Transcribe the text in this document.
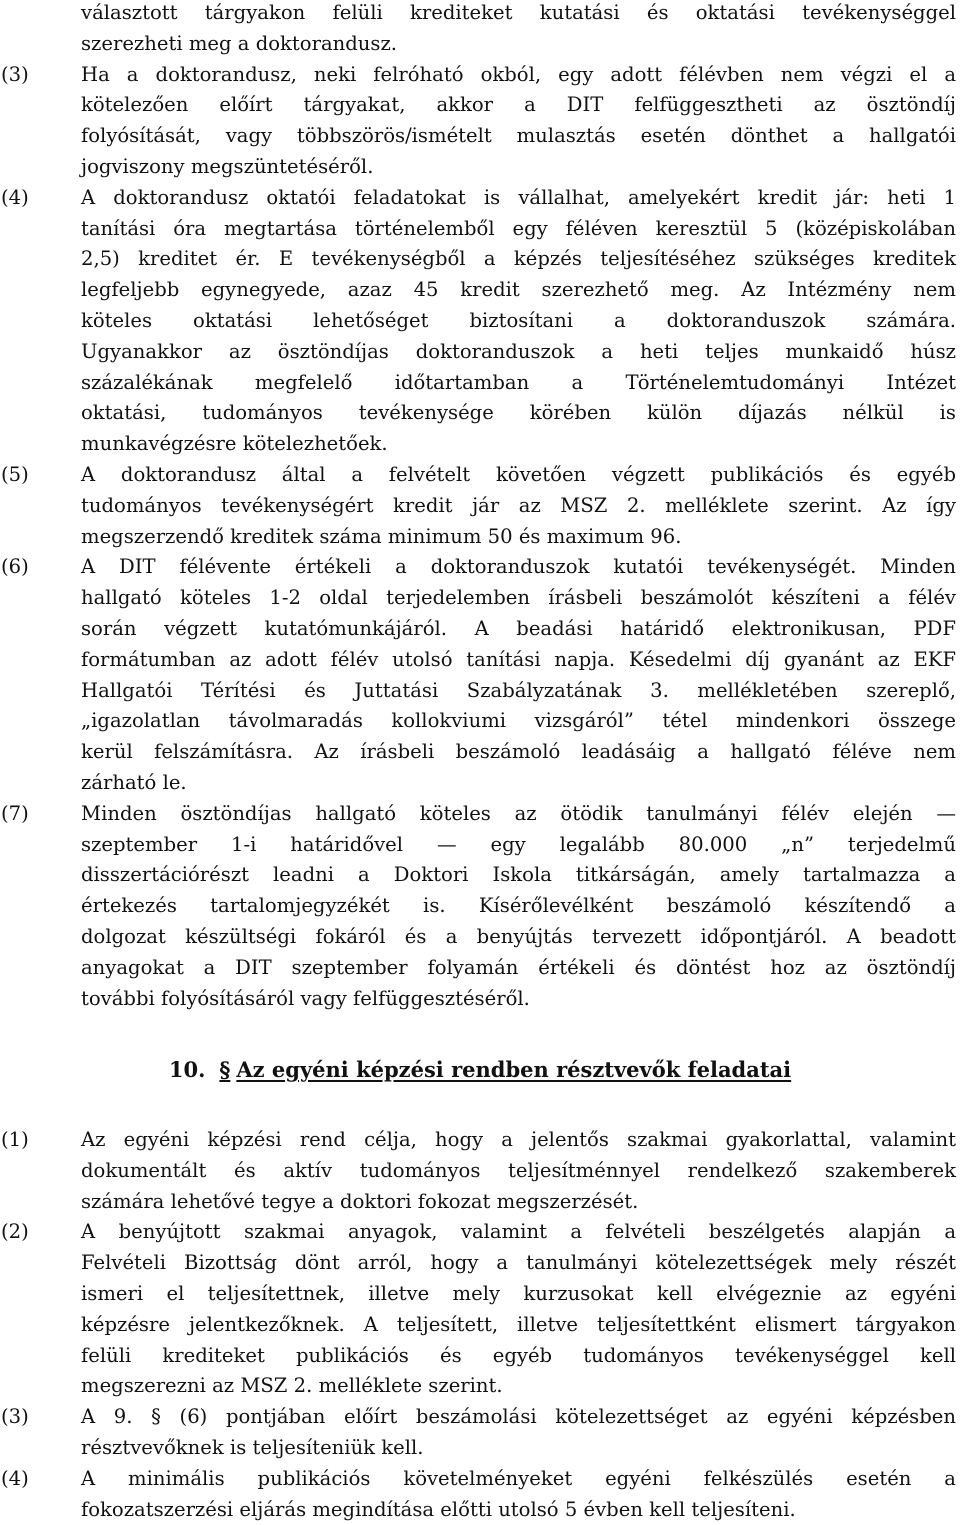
választott tárgyakon felüli krediteket kutatási és oktatási tevékenységgel
szerezheti meg a doktorandusz.
(3)	Ha a doktorandusz, neki felróható okból, egy adott félévben nem végzi el a
kötelezően előírt tárgyakat, akkor a DIT felfüggesztheti az ösztöndíj
folyósítását, vagy többszörös/ismételt mulasztás esetén dönthet a hallgatói
jogviszony megszüntetéséről.
(4)	A doktorandusz oktatói feladatokat is vállalhat, amelyekért kredit jár: heti 1
tanítási óra megtartása történelemből egy féléven keresztül 5 (középiskolában
2,5) kreditet ér. E tevékenységből a képzés teljesítéséhez szükséges kreditek
legfeljebb egynegyede, azaz 45 kredit szerezhető meg. Az Intézmény nem
köteles oktatási lehetőséget biztosítani a doktoranduszok számára.
Ugyanakkor az ösztöndíjas doktoranduszok a heti teljes munkaidő húsz
százalékának megfelelő időtartamban a Történelemtudományi Intézet
oktatási, tudományos tevékenysége körében külön díjazás nélkül is
munkavégzésre kötelezhetőek.
(5)	A doktorandusz által a felvételt követően végzett publikációs és egyéb
tudományos tevékenységért kredit jár az MSZ 2. melléklete szerint. Az így
megszerzendő kreditek száma minimum 50 és maximum 96.
(6)	A DIT félévente értékeli a doktoranduszok kutatói tevékenységét. Minden
hallgató köteles 1-2 oldal terjedelemben írásbeli beszámolót készíteni a félév
során végzett kutatómunkájáról. A beadási határidő elektronikusan, PDF
formátumban az adott félév utolsó tanítási napja. Késedelmi díj gyanánt az EKF
Hallgatói Térítési és Juttatási Szabályzatának 3. mellékletében szereplő,
„igazolatlan távolmaradás kollokviumi vizsgáról” tétel mindenkori összege
kerül felszámításra. Az írásbeli beszámoló leadásáig a hallgató féléve nem
zárható le.
(7)	Minden ösztöndíjas hallgató köteles az ötödik tanulmányi félév elején —
szeptember 1-i határidővel — egy legalább 80.000 „n” terjedelmű
disszertációrészt leadni a Doktori Iskola titkárságán, amely tartalmazza a
értekezés tartalomjegyzékét is. Kísérőlevélként beszámoló készítendő a
dolgozat készültségi fokáról és a benyújtás tervezett időpontjáról. A beadott
anyagokat a DIT szeptember folyamán értékeli és döntést hoz az ösztöndíj
további folyósításáról vagy felfüggesztéséről.
10. § Az egyéni képzési rendben résztvevők feladatai
(1)	Az egyéni képzési rend célja, hogy a jelentős szakmai gyakorlattal, valamint
dokumentált és aktív tudományos teljesítménnyel rendelkező szakemberek
számára lehetővé tegye a doktori fokozat megszerzését.
(2)	A benyújtott szakmai anyagok, valamint a felvételi beszélgetés alapján a
Felvételi Bizottság dönt arról, hogy a tanulmányi kötelezettségek mely részét
ismeri el teljesítettnek, illetve mely kurzusokat kell elvégeznie az egyéni
képzésre jelentkezőknek. A teljesített, illetve teljesítettként elismert tárgyakon
felüli krediteket publikációs és egyéb tudományos tevékenységgel kell
megszerezni az MSZ 2. melléklete szerint.
(3)	A 9. § (6) pontjában előírt beszámolási kötelezettséget az egyéni képzésben
résztvevőknek is teljesíteniük kell.
(4)	A minimális publikációs követelményeket egyéni felkészülés esetén a
fokozatszerzési eljárás megindítása előtti utolsó 5 évben kell teljesíteni.
